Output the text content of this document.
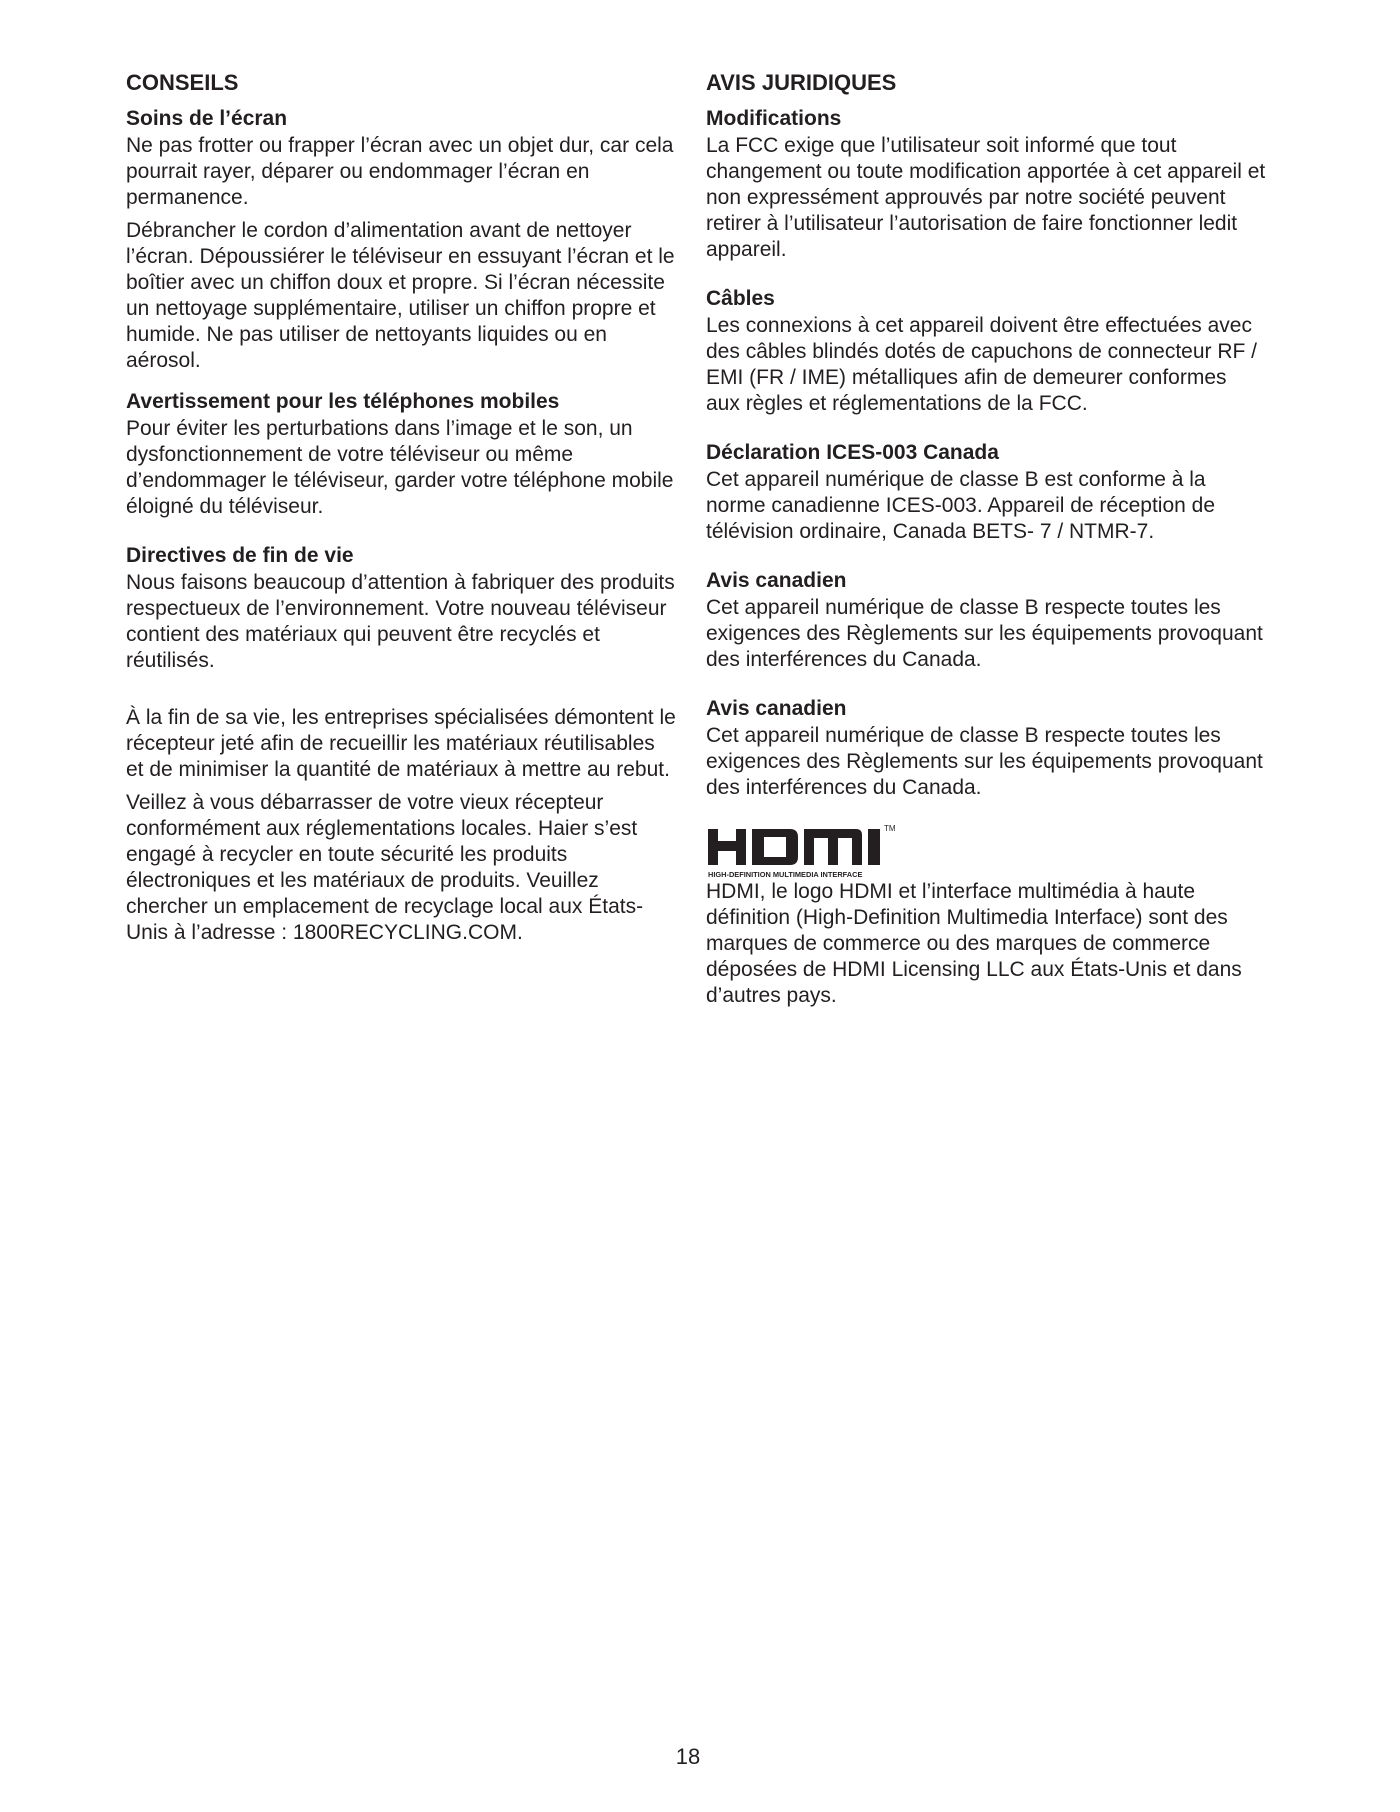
CONSEILS
Soins de l’écran
Ne pas frotter ou frapper l’écran avec un objet dur, car cela pourrait rayer, déparer ou endommager l’écran en permanence.
Débrancher le cordon d’alimentation avant de nettoyer l’écran. Dépoussiérer le téléviseur en essuyant l’écran et le boîtier avec un chiffon doux et propre. Si l’écran nécessite un nettoyage supplémentaire, utiliser un chiffon propre et humide. Ne pas utiliser de nettoyants liquides ou en aérosol.
Avertissement pour les téléphones mobiles
Pour éviter les perturbations dans l’image et le son, un dysfonctionnement de votre téléviseur ou même d’endommager le téléviseur, garder votre téléphone mobile éloigné du téléviseur.
Directives de fin de vie
Nous faisons beaucoup d’attention à fabriquer des produits respectueux de l’environnement. Votre nouveau téléviseur contient des matériaux qui peuvent être recyclés et réutilisés.
À la fin de sa vie, les entreprises spécialisées démontent le récepteur jeté afin de recueillir les matériaux réutilisables et de minimiser la quantité de matériaux à mettre au rebut.
Veillez à vous débarrasser de votre vieux récepteur conformément aux réglementations locales. Haier s’est engagé à recycler en toute sécurité les produits électroniques et les matériaux de produits. Veuillez chercher un emplacement de recyclage local aux États-Unis à l’adresse : 1800RECYCLING.COM.
AVIS JURIDIQUES
Modifications
La FCC exige que l’utilisateur soit informé que tout changement ou toute modification apportée à cet appareil et non expressément approuvés par notre société peuvent retirer à l’utilisateur l’autorisation de faire fonctionner ledit appareil.
Câbles
Les connexions à cet appareil doivent être effectuées avec des câbles blindés dotés de capuchons de connecteur RF / EMI (FR / IME) métalliques afin de demeurer conformes aux règles et réglementations de la FCC.
Déclaration ICES-003 Canada
Cet appareil numérique de classe B est conforme à la norme canadienne ICES-003. Appareil de réception de télévision ordinaire, Canada BETS- 7 / NTMR-7.
Avis canadien
Cet appareil numérique de classe B respecte toutes les exigences des Règlements sur les équipements provoquant des interférences du Canada.
Avis canadien
Cet appareil numérique de classe B respecte toutes les exigences des Règlements sur les équipements provoquant des interférences du Canada.
TM
HIGH-DEFINITION MULTIMEDIA INTERFACE
HDMI, le logo HDMI et l’interface multimédia à haute définition (High-Definition Multimedia Interface) sont des marques de commerce ou des marques de commerce déposées de HDMI Licensing LLC aux États-Unis et dans d’autres pays.
18
